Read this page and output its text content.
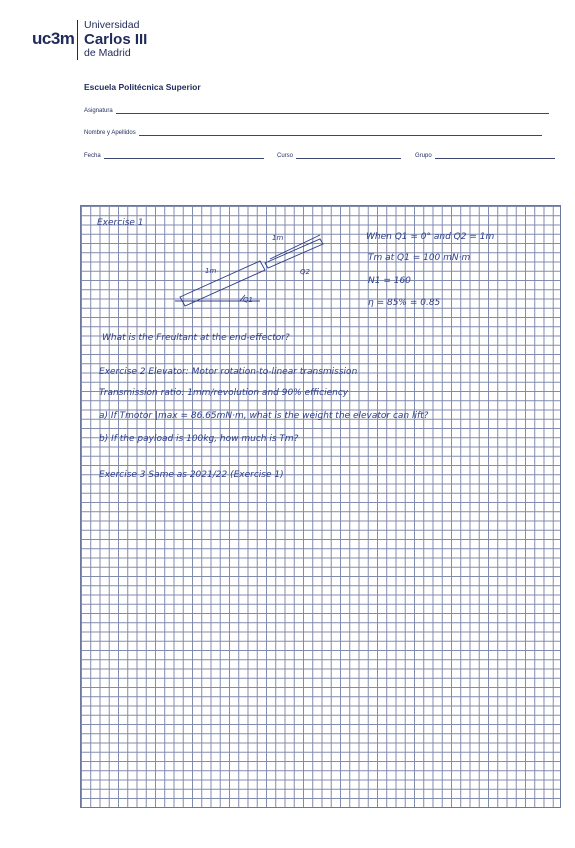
uc3m
Universidad
Carlos III
de Madrid
Escuela Politécnica Superior
Asignatura
Nombre y Apellidos
Fecha	Curso	Grupo
Exercise 1
1m
1m
Q1
Q2
When Q1 = 0° and Q2 = 1m
Tm at Q1 = 100 mN·m
N1 = 160
η = 85% = 0.85
What is the Freultant at the end-effector?
Exercise 2 Elevator: Motor rotation-to-linear transmission
Transmission ratio: 1mm/revolution and 90% efficiency
a) If Tmotor |max = 86.65mN·m, what is the weight the elevator can lift?
b) If the payload is 100kg, how much is Tm?
Exercise 3 Same as 2021/22 (Exercise 1)
